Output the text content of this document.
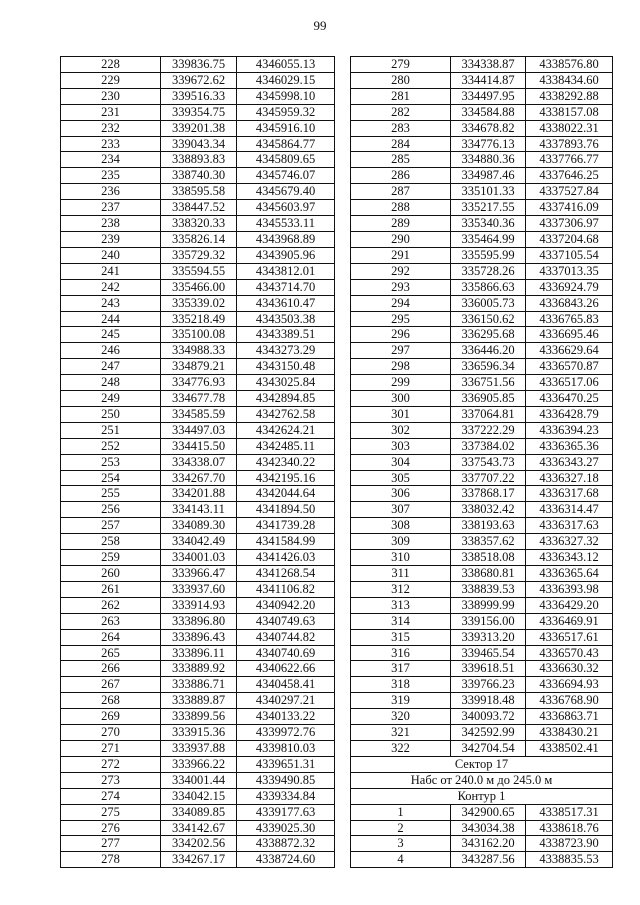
99
228	339836.75	4346055.13
229	339672.62	4346029.15
230	339516.33	4345998.10
231	339354.75	4345959.32
232	339201.38	4345916.10
233	339043.34	4345864.77
234	338893.83	4345809.65
235	338740.30	4345746.07
236	338595.58	4345679.40
237	338447.52	4345603.97
238	338320.33	4345533.11
239	335826.14	4343968.89
240	335729.32	4343905.96
241	335594.55	4343812.01
242	335466.00	4343714.70
243	335339.02	4343610.47
244	335218.49	4343503.38
245	335100.08	4343389.51
246	334988.33	4343273.29
247	334879.21	4343150.48
248	334776.93	4343025.84
249	334677.78	4342894.85
250	334585.59	4342762.58
251	334497.03	4342624.21
252	334415.50	4342485.11
253	334338.07	4342340.22
254	334267.70	4342195.16
255	334201.88	4342044.64
256	334143.11	4341894.50
257	334089.30	4341739.28
258	334042.49	4341584.99
259	334001.03	4341426.03
260	333966.47	4341268.54
261	333937.60	4341106.82
262	333914.93	4340942.20
263	333896.80	4340749.63
264	333896.43	4340744.82
265	333896.11	4340740.69
266	333889.92	4340622.66
267	333886.71	4340458.41
268	333889.87	4340297.21
269	333899.56	4340133.22
270	333915.36	4339972.76
271	333937.88	4339810.03
272	333966.22	4339651.31
273	334001.44	4339490.85
274	334042.15	4339334.84
275	334089.85	4339177.63
276	334142.67	4339025.30
277	334202.56	4338872.32
278	334267.17	4338724.60
279	334338.87	4338576.80
280	334414.87	4338434.60
281	334497.95	4338292.88
282	334584.88	4338157.08
283	334678.82	4338022.31
284	334776.13	4337893.76
285	334880.36	4337766.77
286	334987.46	4337646.25
287	335101.33	4337527.84
288	335217.55	4337416.09
289	335340.36	4337306.97
290	335464.99	4337204.68
291	335595.99	4337105.54
292	335728.26	4337013.35
293	335866.63	4336924.79
294	336005.73	4336843.26
295	336150.62	4336765.83
296	336295.68	4336695.46
297	336446.20	4336629.64
298	336596.34	4336570.87
299	336751.56	4336517.06
300	336905.85	4336470.25
301	337064.81	4336428.79
302	337222.29	4336394.23
303	337384.02	4336365.36
304	337543.73	4336343.27
305	337707.22	4336327.18
306	337868.17	4336317.68
307	338032.42	4336314.47
308	338193.63	4336317.63
309	338357.62	4336327.32
310	338518.08	4336343.12
311	338680.81	4336365.64
312	338839.53	4336393.98
313	338999.99	4336429.20
314	339156.00	4336469.91
315	339313.20	4336517.61
316	339465.54	4336570.43
317	339618.51	4336630.32
318	339766.23	4336694.93
319	339918.48	4336768.90
320	340093.72	4336863.71
321	342592.99	4338430.21
322	342704.54	4338502.41
Сектор 17		
Набс от 240.0 м до 245.0 м		
Контур 1		
1	342900.65	4338517.31
2	343034.38	4338618.76
3	343162.20	4338723.90
4	343287.56	4338835.53
